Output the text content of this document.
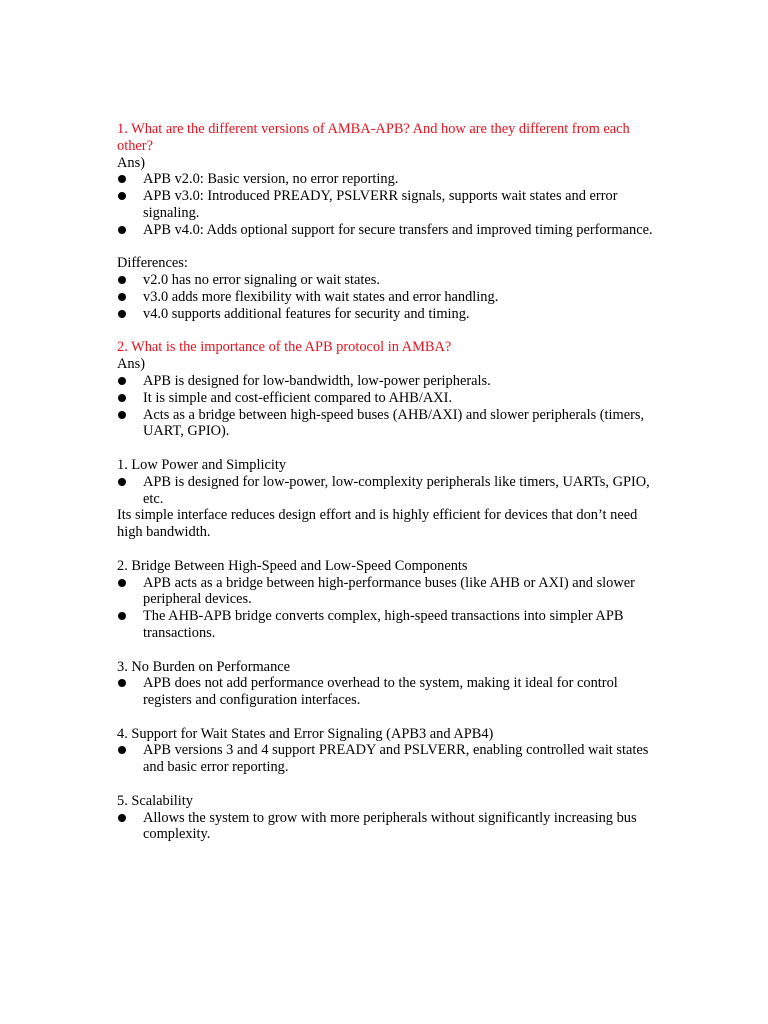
1. What are the different versions of AMBA-APB? And how are they different from each other?

Ans)

APB v2.0: Basic version, no error reporting.
APB v3.0: Introduced PREADY, PSLVERR signals, supports wait states and error signaling.
APB v4.0: Adds optional support for secure transfers and improved timing performance.

Differences:

v2.0 has no error signaling or wait states.
v3.0 adds more flexibility with wait states and error handling.
v4.0 supports additional features for security and timing.

2. What is the importance of the APB protocol in AMBA?

Ans)

APB is designed for low-bandwidth, low-power peripherals.
It is simple and cost-efficient compared to AHB/AXI.
Acts as a bridge between high-speed buses (AHB/AXI) and slower peripherals (timers, UART, GPIO).

1. Low Power and Simplicity

APB is designed for low-power, low-complexity peripherals like timers, UARTs, GPIO, etc.

Its simple interface reduces design effort and is highly efficient for devices that don’t need high bandwidth.

2. Bridge Between High-Speed and Low-Speed Components

APB acts as a bridge between high-performance buses (like AHB or AXI) and slower peripheral devices.
The AHB-APB bridge converts complex, high-speed transactions into simpler APB transactions.

3. No Burden on Performance

APB does not add performance overhead to the system, making it ideal for control registers and configuration interfaces.

4. Support for Wait States and Error Signaling (APB3 and APB4)

APB versions 3 and 4 support PREADY and PSLVERR, enabling controlled wait states and basic error reporting.

5. Scalability

Allows the system to grow with more peripherals without significantly increasing bus complexity.
